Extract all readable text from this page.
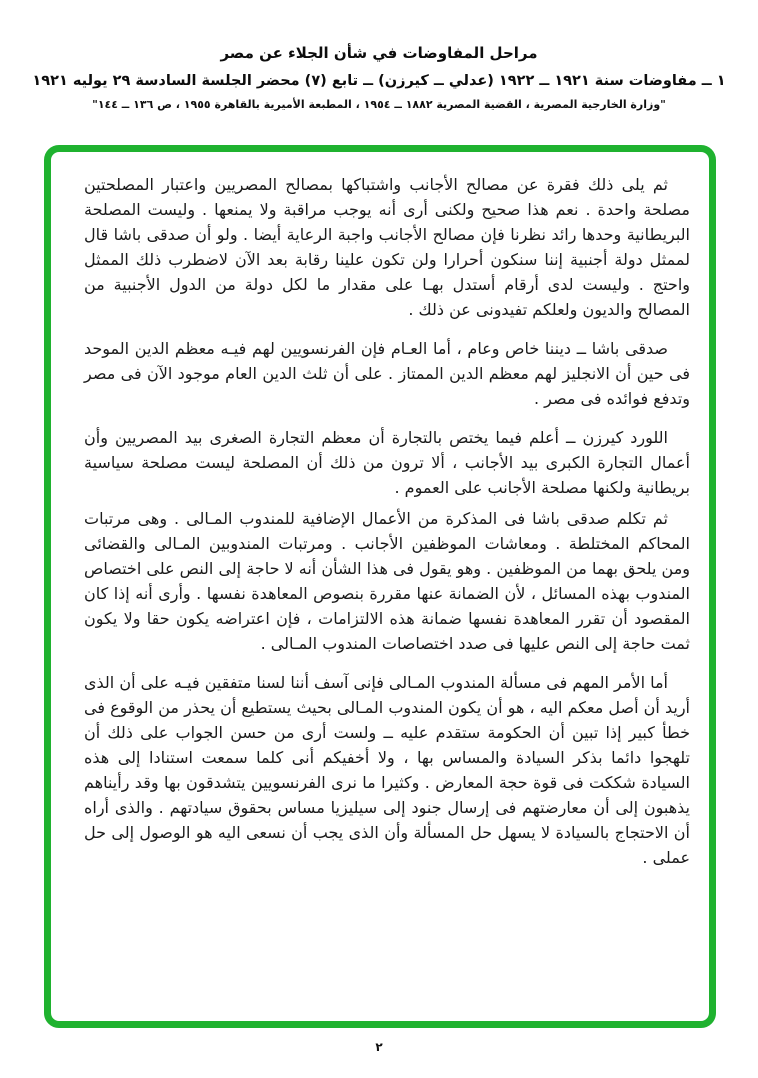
مراحل المفاوضات في شأن الجلاء عن مصر
١ ــ مفاوضات سنة ١٩٢١ ــ ١٩٢٢ (عدلي ــ كيرزن) ــ تابع (٧) محضر الجلسة السادسة ٢٩ يوليه ١٩٢١
"وزارة الخارجية المصرية ، القضية المصرية ١٨٨٢ ــ ١٩٥٤ ، المطبعة الأميرية بالقاهرة ١٩٥٥ ، ص ١٣٦ ــ ١٤٤"

ثم يلى ذلك فقرة عن مصالح الأجانب واشتباكها بمصالح المصريين واعتبار المصلحتين مصلحة واحدة . نعم هذا صحيح ولكنى أرى أنه يوجب مراقبة ولا يمنعها . وليست المصلحة البريطانية وحدها رائد نظرنا فإن مصالح الأجانب واجبة الرعاية أيضا . ولو أن صدقى باشا قال لممثل دولة أجنبية إننا سنكون أحرارا ولن تكون علينا رقابة بعد الآن لاضطرب ذلك الممثل واحتج . وليست لدى أرقام أستدل بهـا على مقدار ما لكل دولة من الدول الأجنبية من المصالح والديون ولعلكم تفيدونى عن ذلك .

صدقى باشا ــ ديننا خاص وعام ، أما العـام فإن الفرنسويين لهم فيـه معظم الدين الموحد فى حين أن الانجليز لهم معظم الدين الممتاز . على أن ثلث الدين العام موجود الآن فى مصر وتدفع فوائده فى مصر .

اللورد كيرزن ــ أعلم فيما يختص بالتجارة أن معظم التجارة الصغرى بيد المصريين وأن أعمال التجارة الكبرى بيد الأجانب ، ألا ترون من ذلك أن المصلحة ليست مصلحة سياسية بريطانية ولكنها مصلحة الأجانب على العموم .

ثم تكلم صدقى باشا فى المذكرة من الأعمال الإضافية للمندوب المـالى . وهى مرتبات المحاكم المختلطة . ومعاشات الموظفين الأجانب . ومرتبات المندوبين المـالى والقضائى ومن يلحق بهما من الموظفين . وهو يقول فى هذا الشأن أنه لا حاجة إلى النص على اختصاص المندوب بهذه المسائل ، لأن الضمانة عنها مقررة بنصوص المعاهدة نفسها . وأرى أنه إذا كان المقصود أن تقرر المعاهدة نفسها ضمانة هذه الالتزامات ، فإن اعتراضه يكون حقا ولا يكون ثمت حاجة إلى النص عليها فى صدد اختصاصات المندوب المـالى .

أما الأمر المهم فى مسألة المندوب المـالى فإنى آسف أننا لسنا متفقين فيـه على أن الذى أريد أن أصل معكم اليه ، هو أن يكون المندوب المـالى بحيث يستطيع أن يحذر من الوقوع فى خطأ كبير إذا تبين أن الحكومة ستقدم عليه ــ ولست أرى من حسن الجواب على ذلك أن تلهجوا دائما بذكر السيادة والمساس بها ، ولا أخفيكم أنى كلما سمعت استنادا إلى هذه السيادة شككت فى قوة حجة المعارض . وكثيرا ما نرى الفرنسويين يتشدقون بها وقد رأيناهم يذهبون إلى أن معارضتهم فى إرسال جنود إلى سيليزيا مساس بحقوق سيادتهم . والذى أراه أن الاحتجاج بالسيادة لا يسهل حل المسألة وأن الذى يجب أن نسعى اليه هو الوصول إلى حل عملى .

٢
